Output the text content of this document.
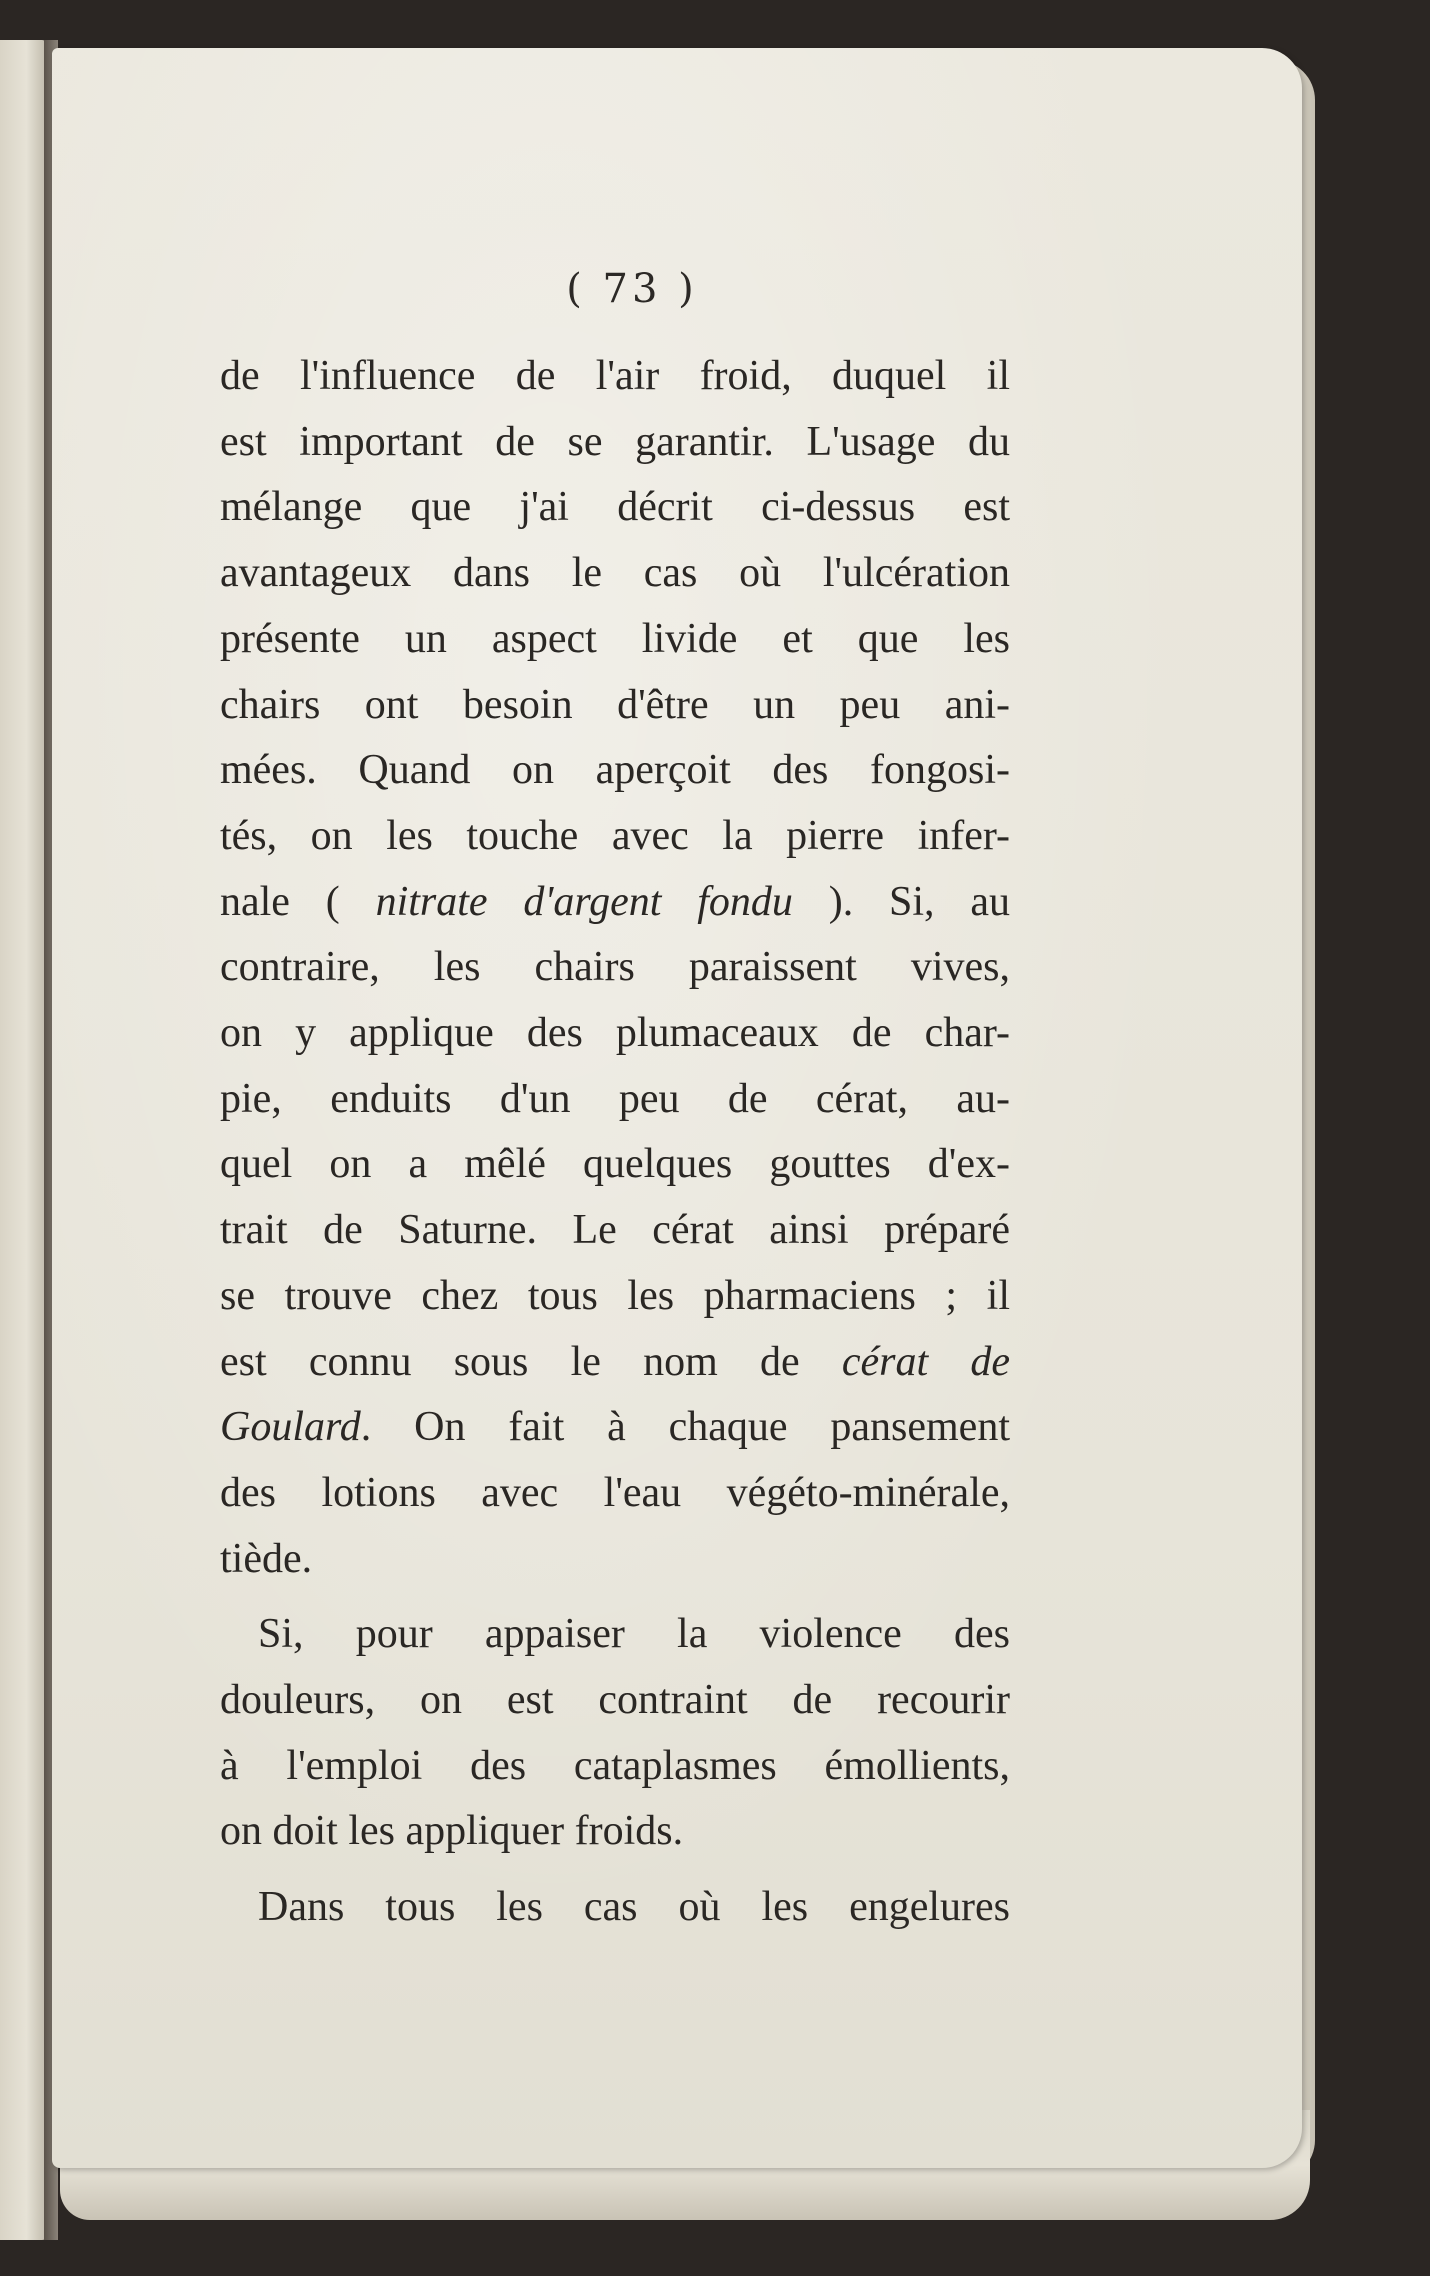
( 73 )
de l'influence de l'air froid, duquel il
est important de se garantir. L'usage du
mélange que j'ai décrit ci-dessus est
avantageux dans le cas où l'ulcération
présente un aspect livide et que les
chairs ont besoin d'être un peu ani-
mées. Quand on aperçoit des fongosi-
tés, on les touche avec la pierre infer-
nale ( nitrate d'argent fondu ). Si, au
contraire, les chairs paraissent vives,
on y applique des plumaceaux de char-
pie, enduits d'un peu de cérat, au-
quel on a mêlé quelques gouttes d'ex-
trait de Saturne. Le cérat ainsi préparé
se trouve chez tous les pharmaciens ; il
est connu sous le nom de cérat de
Goulard. On fait à chaque pansement
des lotions avec l'eau végéto-minérale,
tiède.
Si, pour appaiser la violence des
douleurs, on est contraint de recourir
à l'emploi des cataplasmes émollients,
on doit les appliquer froids.
Dans tous les cas où les engelures
